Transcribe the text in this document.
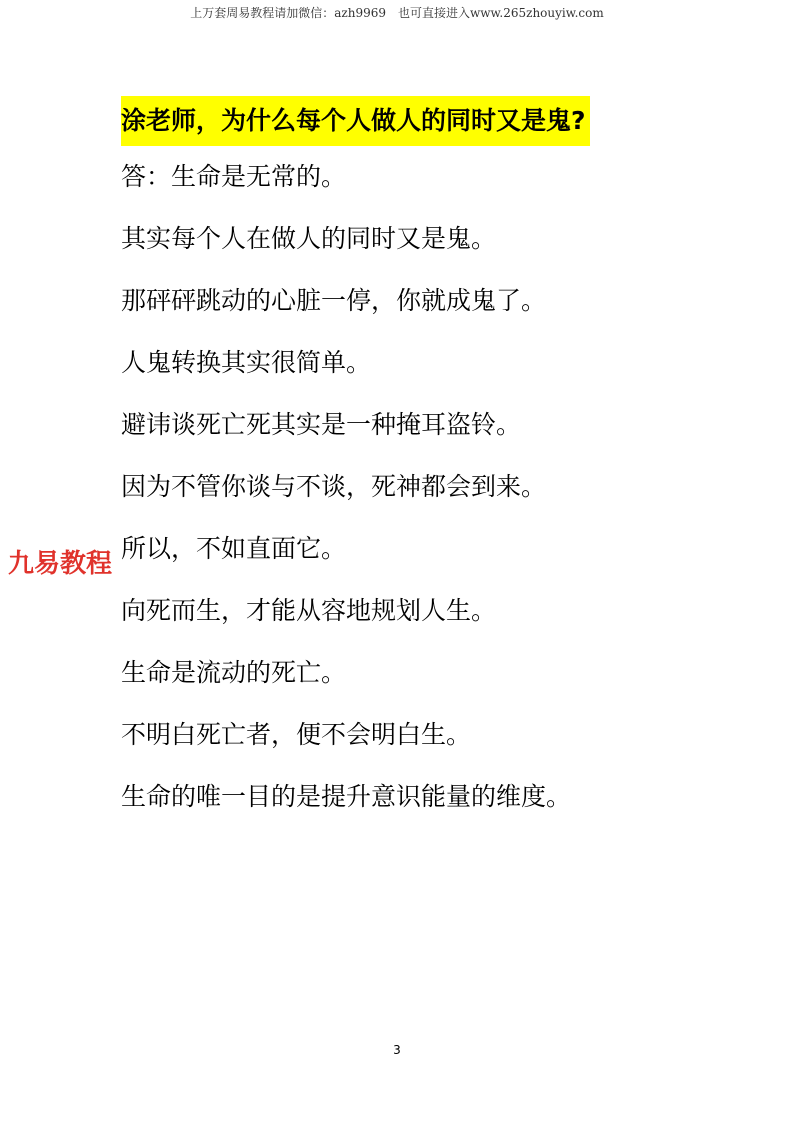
上万套周易教程请加微信：azh9969　也可直接进入www.265zhouyiw.com
涂老师，为什么每个人做人的同时又是鬼?

答：生命是无常的。

其实每个人在做人的同时又是鬼。

那砰砰跳动的心脏一停，你就成鬼了。

人鬼转换其实很简单。

避讳谈死亡死其实是一种掩耳盗铃。

因为不管你谈与不谈，死神都会到来。

所以，不如直面它。

向死而生，才能从容地规划人生。

生命是流动的死亡。

不明白死亡者，便不会明白生。

生命的唯一目的是提升意识能量的维度。

九易教程
3
